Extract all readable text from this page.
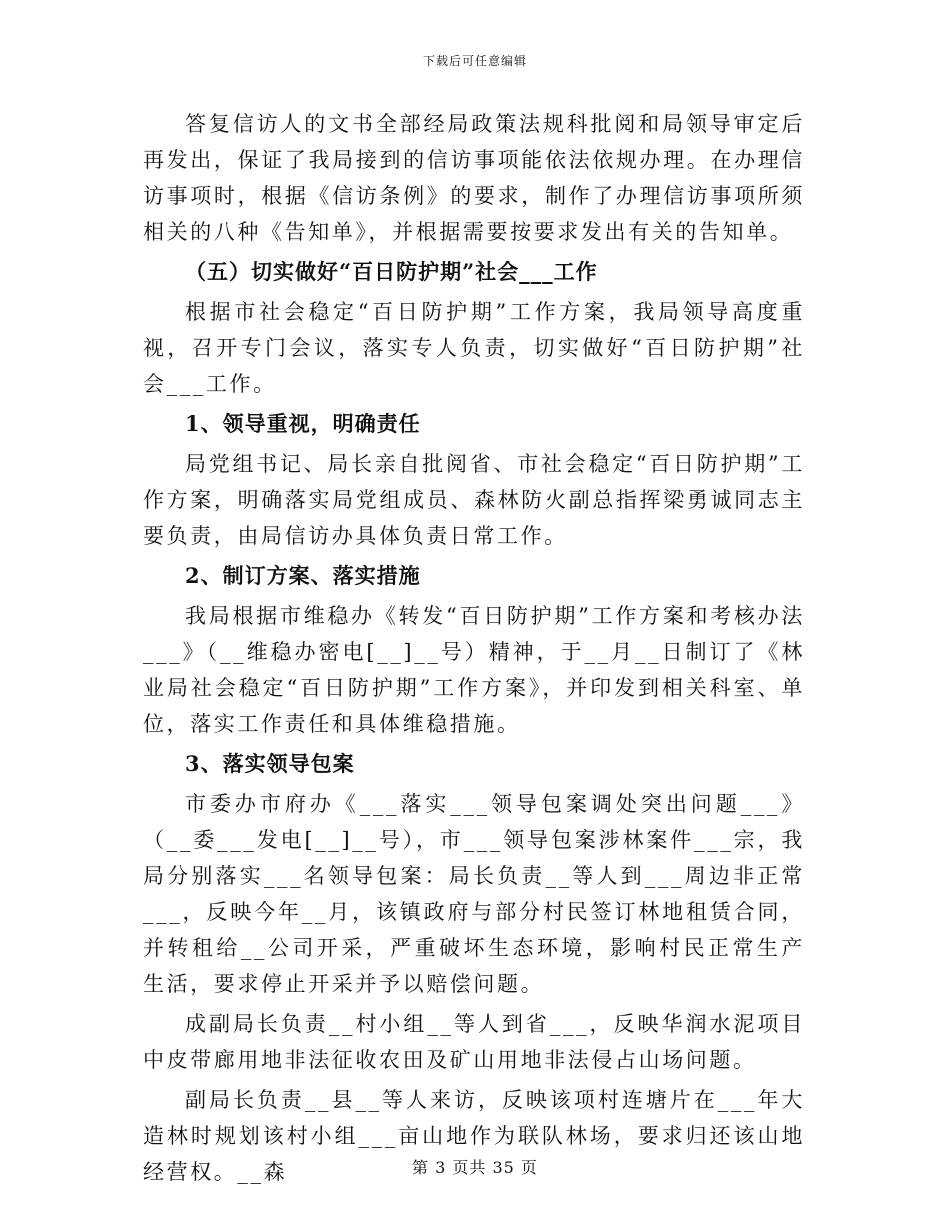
下载后可任意编辑

答复信访人的文书全部经局政策法规科批阅和局领导审定后再发出，保证了我局接到的信访事项能依法依规办理。在办理信访事项时，根据《信访条例》的要求，制作了办理信访事项所须相关的八种《告知单》，并根据需要按要求发出有关的告知单。

（五）切实做好“百日防护期”社会___工作

根据市社会稳定“百日防护期”工作方案，我局领导高度重视，召开专门会议，落实专人负责，切实做好“百日防护期”社会___工作。

1、领导重视，明确责任

局党组书记、局长亲自批阅省、市社会稳定“百日防护期”工作方案，明确落实局党组成员、森林防火副总指挥梁勇诚同志主要负责，由局信访办具体负责日常工作。

2、制订方案、落实措施

我局根据市维稳办《转发“百日防护期”工作方案和考核办法___》（__维稳办密电[__]__号）精神，于__月__日制订了《林业局社会稳定“百日防护期”工作方案》，并印发到相关科室、单位，落实工作责任和具体维稳措施。

3、落实领导包案

市委办市府办《___落实___领导包案调处突出问题___》（__委___发电[__]__号），市___领导包案涉林案件___宗，我局分别落实___名领导包案：局长负责__等人到___周边非正常___，反映今年__月，该镇政府与部分村民签订林地租赁合同，并转租给__公司开采，严重破坏生态环境，影响村民正常生产生活，要求停止开采并予以赔偿问题。

成副局长负责__村小组__等人到省___，反映华润水泥项目中皮带廊用地非法征收农田及矿山用地非法侵占山场问题。

副局长负责__县__等人来访，反映该项村连塘片在___年大造林时规划该村小组___亩山地作为联队林场，要求归还该山地经营权。__森	第 3 页共 35 页
